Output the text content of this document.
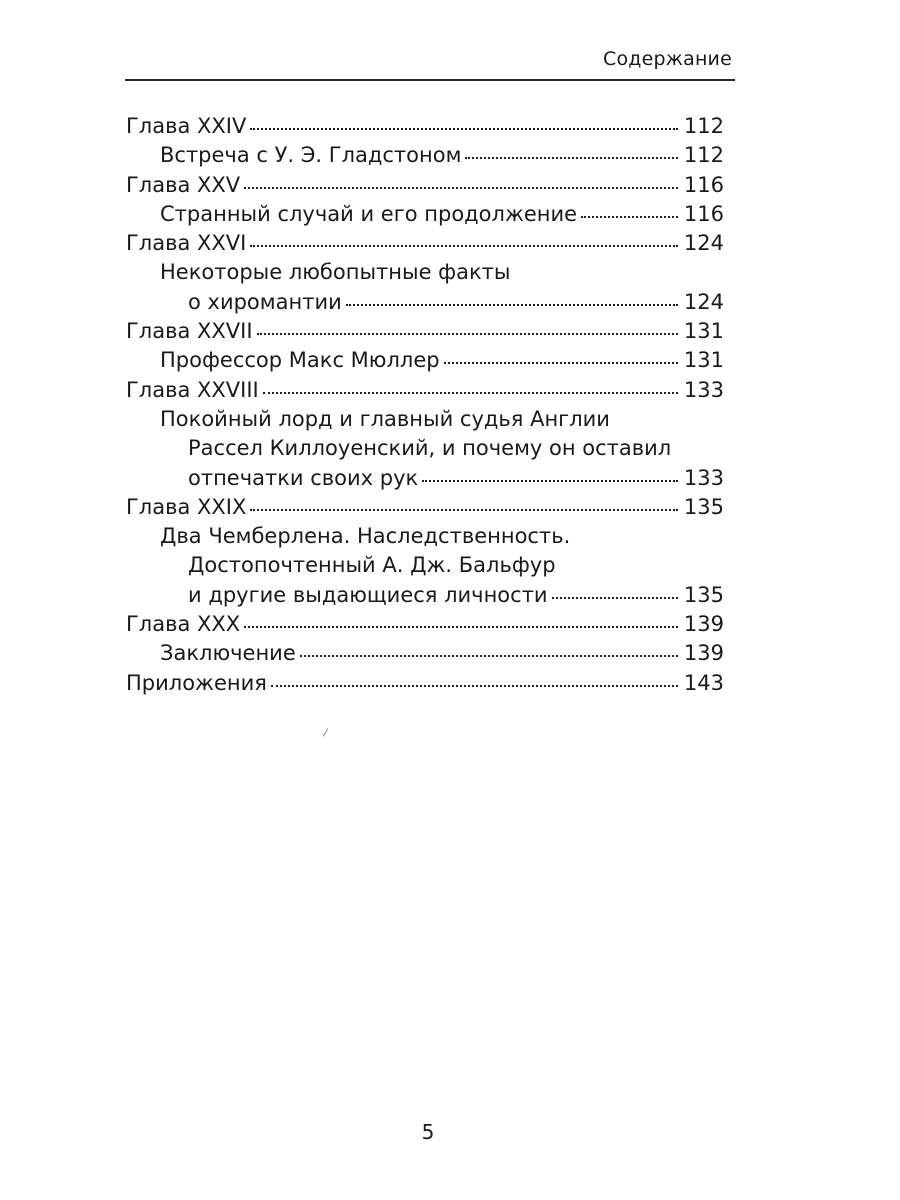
Содержание
Глава XXIV	112
Встреча с У. Э. Гладстоном	112
Глава XXV	116
Странный случай и его продолжение	116
Глава XXVI	124
Некоторые любопытные факты
о хиромантии	124
Глава XXVII	131
Профессор Макс Мюллер	131
Глава XXVIII	133
Покойный лорд и главный судья Англии
Рассел Киллоуенский, и почему он оставил
отпечатки своих рук	133
Глава XXIX	135
Два Чемберлена. Наследственность.
Достопочтенный А. Дж. Бальфур
и другие выдающиеся личности	135
Глава XXX	139
Заключение	139
Приложения	143
5
